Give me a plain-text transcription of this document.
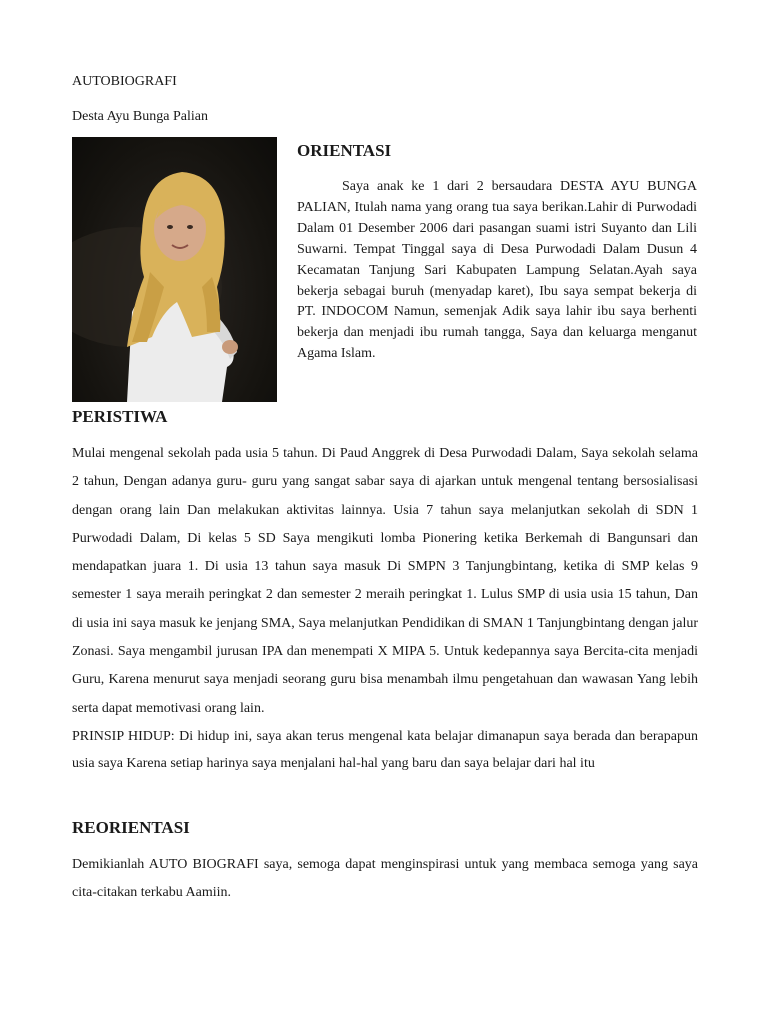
AUTOBIOGRAFI
Desta Ayu Bunga Palian
ORIENTASI
Saya anak ke 1 dari 2 bersaudara DESTA AYU BUNGA PALIAN, Itulah nama yang orang tua saya berikan.Lahir di Purwodadi Dalam 01 Desember 2006 dari pasangan suami istri Suyanto dan Lili Suwarni. Tempat Tinggal saya di Desa Purwodadi Dalam Dusun 4 Kecamatan Tanjung Sari Kabupaten Lampung Selatan.Ayah saya bekerja sebagai buruh (menyadap karet), Ibu saya sempat bekerja di PT. INDOCOM Namun, semenjak Adik saya lahir ibu saya berhenti bekerja dan menjadi ibu rumah tangga, Saya dan keluarga menganut Agama Islam.
PERISTIWA
Mulai mengenal sekolah pada usia 5 tahun. Di Paud Anggrek di Desa Purwodadi Dalam, Saya sekolah selama 2 tahun, Dengan adanya guru- guru yang sangat sabar saya di ajarkan untuk mengenal tentang bersosialisasi dengan orang lain Dan melakukan aktivitas lainnya. Usia 7 tahun saya melanjutkan sekolah di SDN 1 Purwodadi Dalam, Di kelas 5 SD Saya mengikuti lomba Pionering ketika Berkemah di Bangunsari dan mendapatkan juara 1. Di usia 13 tahun saya masuk Di SMPN 3 Tanjungbintang, ketika di SMP kelas 9 semester 1 saya meraih peringkat 2 dan semester 2 meraih peringkat 1. Lulus SMP di usia usia 15 tahun, Dan di usia ini saya masuk ke jenjang SMA, Saya melanjutkan Pendidikan di SMAN 1 Tanjungbintang dengan jalur Zonasi. Saya mengambil jurusan IPA dan menempati X MIPA 5. Untuk kedepannya saya Bercita-cita menjadi Guru, Karena menurut saya menjadi seorang guru bisa menambah ilmu pengetahuan dan wawasan Yang lebih serta dapat memotivasi orang lain.
PRINSIP HIDUP: Di hidup ini, saya akan terus mengenal kata belajar dimanapun saya berada dan berapapun usia saya Karena setiap harinya saya menjalani hal-hal yang baru dan saya belajar dari hal itu
REORIENTASI
Demikianlah AUTO BIOGRAFI saya, semoga dapat menginspirasi untuk yang membaca semoga yang saya cita-citakan terkabu Aamiin.
